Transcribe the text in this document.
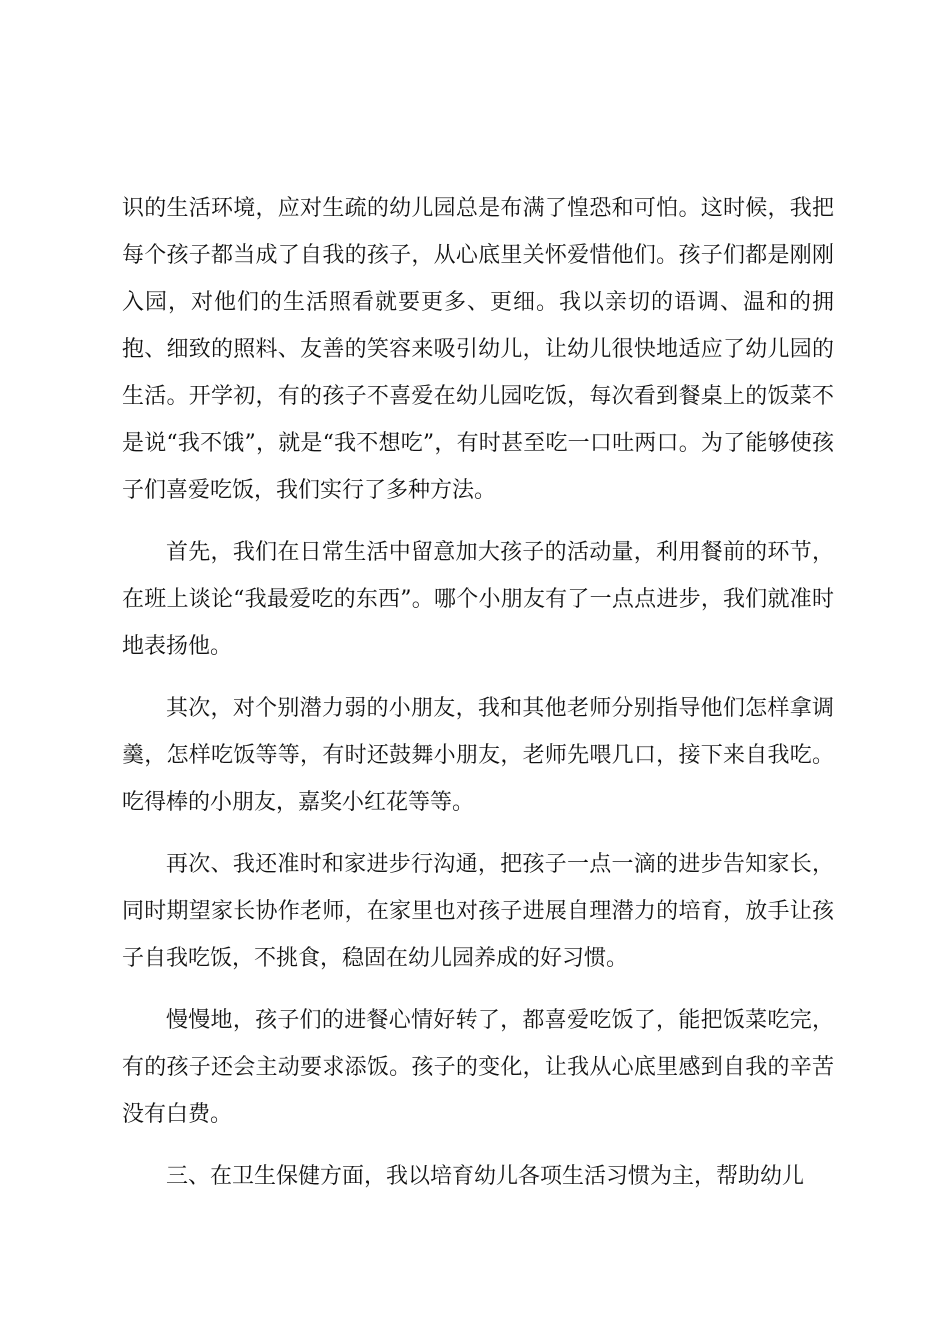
识的生活环境，应对生疏的幼儿园总是布满了惶恐和可怕。这时候，我把每个孩子都当成了自我的孩子，从心底里关怀爱惜他们。孩子们都是刚刚入园，对他们的生活照看就要更多、更细。我以亲切的语调、温和的拥抱、细致的照料、友善的笑容来吸引幼儿，让幼儿很快地适应了幼儿园的生活。开学初，有的孩子不喜爱在幼儿园吃饭，每次看到餐桌上的饭菜不是说“我不饿”，就是“我不想吃”，有时甚至吃一口吐两口。为了能够使孩子们喜爱吃饭，我们实行了多种方法。

首先，我们在日常生活中留意加大孩子的活动量，利用餐前的环节，在班上谈论“我最爱吃的东西”。哪个小朋友有了一点点进步，我们就准时地表扬他。

其次，对个别潜力弱的小朋友，我和其他老师分别指导他们怎样拿调羹，怎样吃饭等等，有时还鼓舞小朋友，老师先喂几口，接下来自我吃。吃得棒的小朋友，嘉奖小红花等等。

再次、我还准时和家进步行沟通，把孩子一点一滴的进步告知家长，同时期望家长协作老师，在家里也对孩子进展自理潜力的培育，放手让孩子自我吃饭，不挑食，稳固在幼儿园养成的好习惯。

慢慢地，孩子们的进餐心情好转了，都喜爱吃饭了，能把饭菜吃完，有的孩子还会主动要求添饭。孩子的变化，让我从心底里感到自我的辛苦没有白费。

三、在卫生保健方面，我以培育幼儿各项生活习惯为主，帮助幼儿
